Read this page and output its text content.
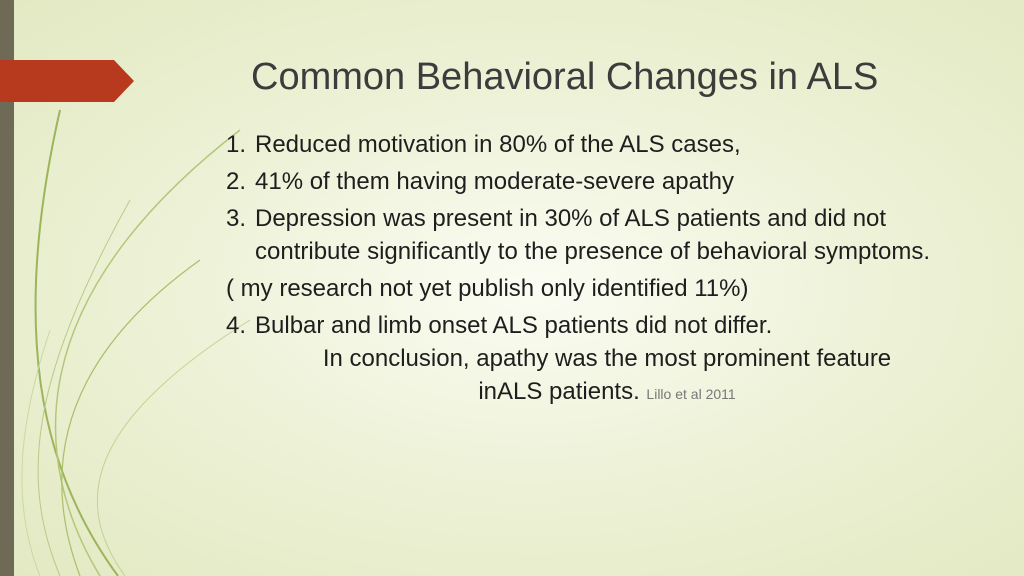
Common Behavioral Changes in ALS
1. Reduced motivation in 80% of the ALS cases,
2. 41% of them having moderate-severe apathy
3. Depression was present in 30% of ALS patients and did not contribute significantly to the presence of behavioral symptoms.
( my research not yet publish only identified 11%)
4. Bulbar and limb onset ALS patients did not differ.
In conclusion, apathy was the most prominent feature
inALS patients. Lillo et al 2011
